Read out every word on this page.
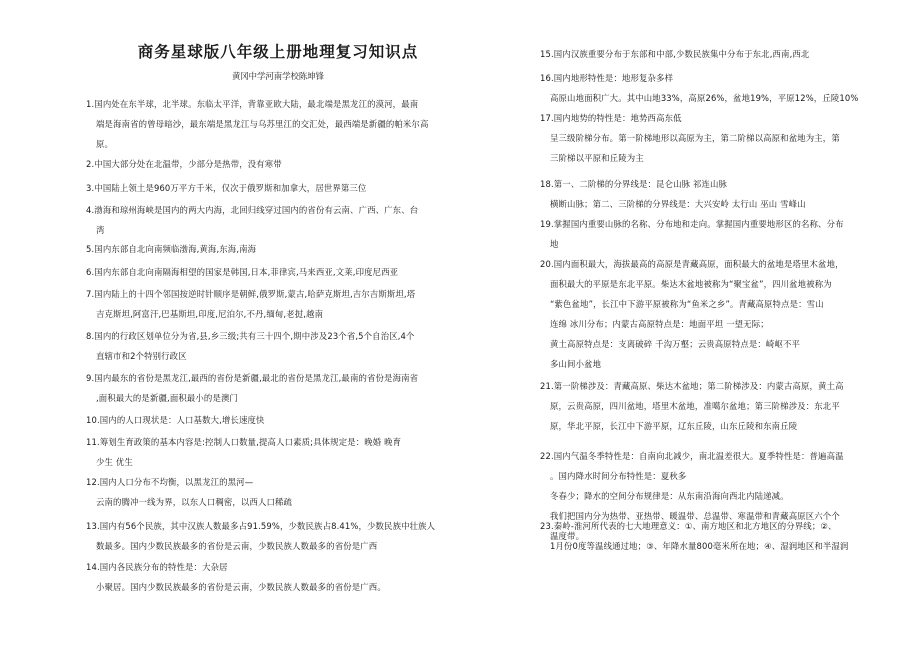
商务星球版八年级上册地理复习知识点
黄冈中学河南学校陈坤锋
1.国内处在东半球，北半球。东临太平洋，背靠亚欧大陆，最北端是黑龙江的漠河，最南
端是海南省的曾母暗沙，最东端是黑龙江与乌苏里江的交汇处，最西端是新疆的帕米尔高
原。
2.中国大部分处在北温带，少部分是热带，没有寒带
3.中国陆上领土是960万平方千米，仅次于俄罗斯和加拿大，居世界第三位
4.渤海和琼州海峡是国内的两大内海，北回归线穿过国内的省份有云南、广西、广东、台
湾
5.国内东部自北向南频临渤海,黄海,东海,南海
6.国内东部自北向南隔海相望的国家是韩国,日本,菲律宾,马来西亚,文莱,印度尼西亚
7.国内陆上的十四个邻国按逆时针顺序是朝鲜,俄罗斯,蒙古,哈萨克斯坦,吉尔吉斯斯坦,塔
吉克斯坦,阿富汗,巴基斯坦,印度,尼泊尔,不丹,缅甸,老挝,越南
8.国内的行政区划单位分为省,县,乡三级;共有三十四个,期中涉及23个省,5个自治区,4个
直辖市和2个特别行政区
9.国内最东的省份是黑龙江,最西的省份是新疆,最北的省份是黑龙江,最南的省份是海南省
,面积最大的是新疆,面积最小的是澳门
10.国内的人口现状是：人口基数大,增长速度快
11.筹划生育政策的基本内容是:控制人口数量,提高人口素质;具体规定是：晚婚 晚育
少生 优生
12.国内人口分布不均衡，以黑龙江的黑河—
云南的腾冲一线为界，以东人口稠密，以西人口稀疏
13.国内有56个民族，其中汉族人数最多占91.59%，少数民族占8.41%，少数民族中壮族人
数最多。国内少数民族最多的省份是云南，少数民族人数最多的省份是广西
14.国内各民族分布的特性是：大杂居
小聚居。国内少数民族最多的省份是云南，少数民族人数最多的省份是广西。
15.国内汉族重要分布于东部和中部,少数民族集中分布于东北,西南,西北
16.国内地形特性是：地形复杂多样
高原山地面积广大。其中山地33%，高原26%，盆地19%，平原12%，丘陵10%
17.国内地势的特性是：地势西高东低
呈三级阶梯分布。第一阶梯地形以高原为主，第二阶梯以高原和盆地为主，第
三阶梯以平原和丘陵为主
18.第一、二阶梯的分界线是：昆仑山脉 祁连山脉
横断山脉；第二、三阶梯的分界线是：大兴安岭 太行山 巫山 雪峰山
19.掌握国内重要山脉的名称、分布地和走向。掌握国内重要地形区的名称、分布
地
20.国内面积最大，海拔最高的高原是青藏高原，面积最大的盆地是塔里木盆地，
面积最大的平原是东北平原。柴达木盆地被称为“聚宝盆”，四川盆地被称为
“紫色盆地”，长江中下游平原被称为“鱼米之乡”。青藏高原特点是：雪山
连绵 冰川分布；内蒙古高原特点是：地面平坦 一望无际；
黄土高原特点是：支离破碎 千沟万壑；云贵高原特点是：崎岖不平
多山间小盆地
21.第一阶梯涉及：青藏高原、柴达木盆地；第二阶梯涉及：内蒙古高原，黄土高
原，云贵高原，四川盆地，塔里木盆地，准噶尔盆地；第三阶梯涉及：东北平
原，华北平原，长江中下游平原，辽东丘陵，山东丘陵和东南丘陵
22.国内气温冬季特性是：自南向北减少，南北温差很大。夏季特性是：普遍高温
。国内降水时间分布特性是：夏秋多
冬春少；降水的空间分布规律是：从东南沿海向西北内陆递减。
我们把国内分为热带、亚热带、暖温带、总温带、寒温带和青藏高原区六个个
温度带。
23.秦岭-淮河所代表的七大地理意义：①、南方地区和北方地区的分界线；②、
1月份0度等温线通过地；③、年降水量800毫米所在地；④、湿润地区和半湿润
